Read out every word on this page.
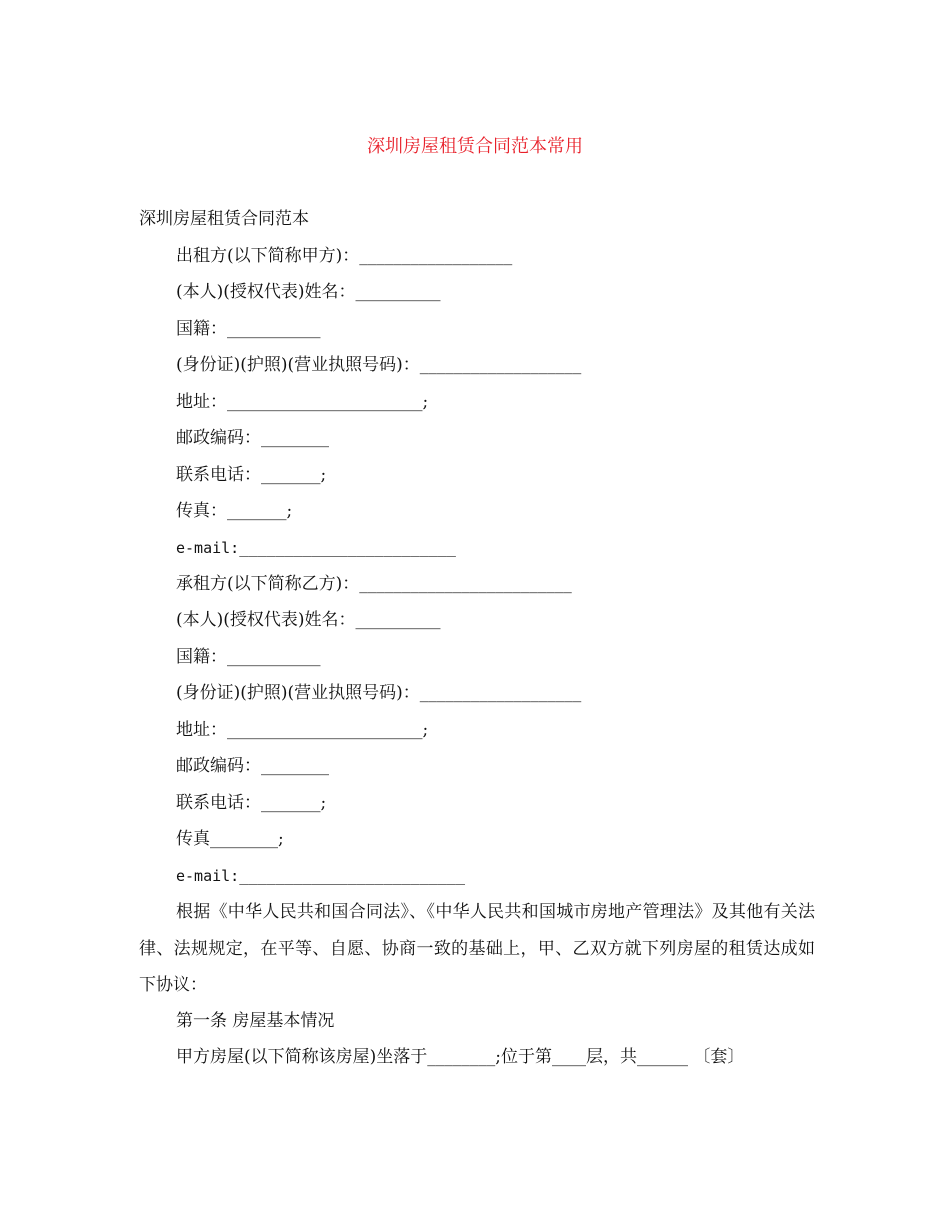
深圳房屋租赁合同范本常用
深圳房屋租赁合同范本
出租方(以下简称甲方)：__________________
(本人)(授权代表)姓名：__________
国籍：___________
(身份证)(护照)(营业执照号码)：___________________
地址：_______________________;
邮政编码：________
联系电话：_______;
传真：_______;
e-mail:________________________
承租方(以下简称乙方)：_________________________
(本人)(授权代表)姓名：__________
国籍：___________
(身份证)(护照)(营业执照号码)：___________________
地址：_______________________;
邮政编码：________
联系电话：_______;
传真________;
e-mail:_________________________
根据《中华人民共和国合同法》、《中华人民共和国城市房地产管理法》及其他有关法律、法规规定，在平等、自愿、协商一致的基础上，甲、乙双方就下列房屋的租赁达成如下协议：
第一条 房屋基本情况
甲方房屋(以下简称该房屋)坐落于________;位于第____层，共______ 〔套〕
